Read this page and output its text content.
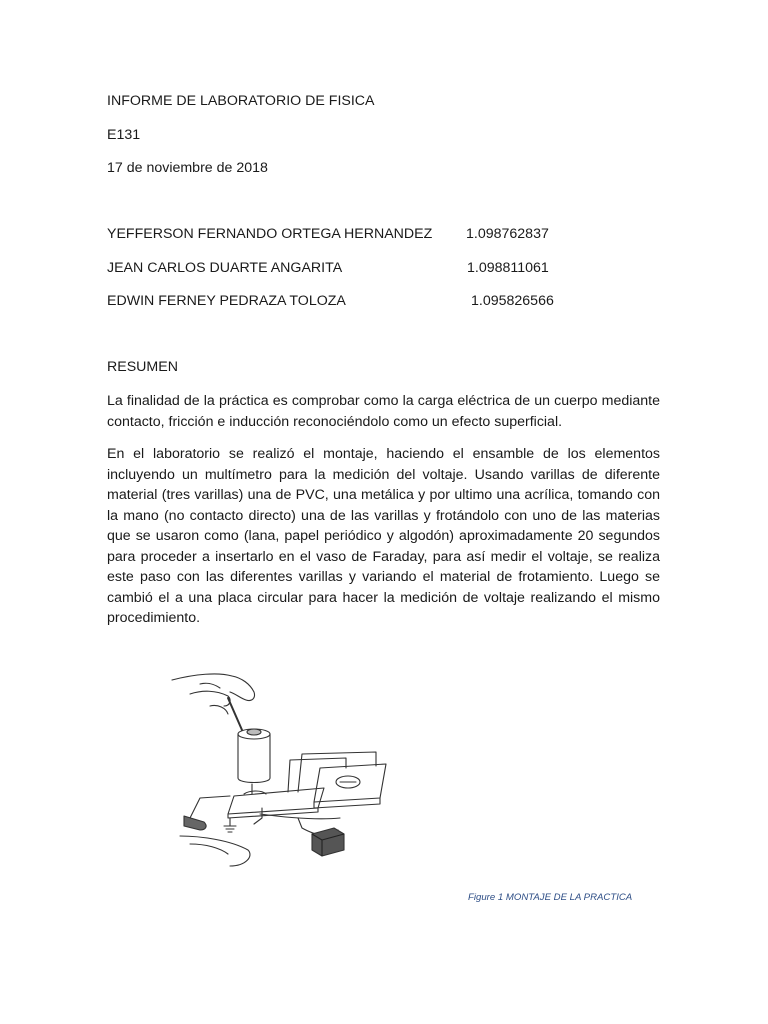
INFORME DE LABORATORIO DE FISICA
E131
17 de noviembre de 2018
YEFFERSON FERNANDO ORTEGA HERNANDEZ 1.098762837
JEAN CARLOS DUARTE ANGARITA	1.098811061
EDWIN FERNEY PEDRAZA TOLOZA	1.095826566
RESUMEN
La finalidad de la práctica es comprobar como la carga eléctrica de un cuerpo mediante contacto, fricción e inducción reconociéndolo como un efecto superficial.
En el laboratorio se realizó el montaje, haciendo el ensamble de los elementos incluyendo un multímetro para la medición del voltaje. Usando varillas de diferente material (tres varillas) una de PVC, una metálica y por ultimo una acrílica, tomando con la mano (no contacto directo) una de las varillas y frotándolo con uno de las materias que se usaron como (lana, papel periódico y algodón) aproximadamente 20 segundos para proceder a insertarlo en el vaso de Faraday, para así medir el voltaje, se realiza este paso con las diferentes varillas y variando el material de frotamiento. Luego se cambió el a una placa circular para hacer la medición de voltaje realizando el mismo procedimiento.
Figure 1 MONTAJE DE LA PRACTICA
